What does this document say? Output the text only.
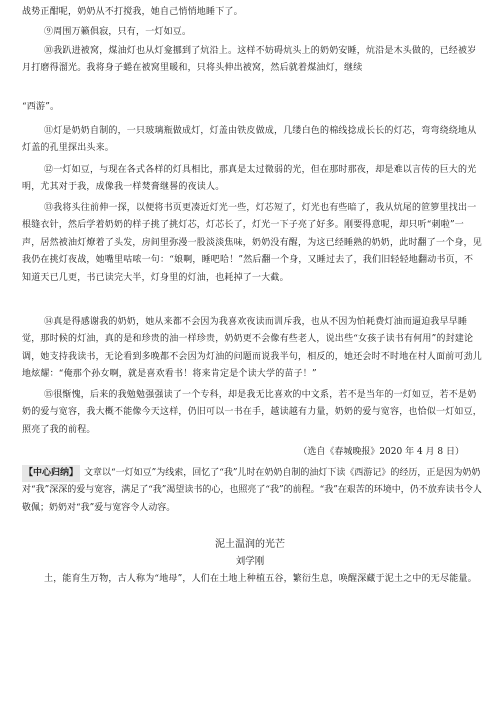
战势正酣呢，奶奶从不打搅我，她自己悄悄地睡下了。

⑨周围万籁俱寂，只有，一灯如豆。

⑩我趴进被窝，煤油灯也从灯龛挪到了炕沿上。这样不妨碍炕头上的奶奶安睡，炕沿是木头做的，已经被岁月打磨得溜光。我将身子蜷在被窝里暖和，只将头伸出被窝，然后就着煤油灯，继续

“西游”。

⑪灯是奶奶自制的，一只玻璃瓶做成灯，灯盖由铁皮做成，几缕白色的棉线捻成长长的灯芯，弯弯绕绕地从灯盖的孔里探出头来。

⑫一灯如豆，与现在各式各样的灯具相比，那真是太过微弱的光，但在那时那夜，却是难以言传的巨大的光明，尤其对于我，成像我一样焚膏继晷的夜读人。

⑬我将头往前伸一探，以便将书页更凑近灯光一些，灯芯短了，灯光也有些暗了，我从炕尾的笸箩里找出一根缝衣针，然后学着奶奶的样子挑了挑灯芯，灯芯长了，灯光一下子亮了好多。刚要得意呢，却只听“刺啦”一声，居然被油灯燎着了头发，房间里弥漫一股淡淡焦味，奶奶没有醒，为这已经睡熟的奶奶，此时翻了一个身，见我仍在挑灯夜战，她嘴里咕哝一句：“娘啊，睡吧哈！”然后翻一个身，又睡过去了，我们旧轻轻地翻动书页，不知道天已几更，书已读完大半，灯身里的灯油，也耗掉了一大截。

⑭真是得感谢我的奶奶，她从来都不会因为我喜欢夜读而训斥我，也从不因为怕耗费灯油而逼迫我早早睡觉，那时候的灯油，真的是和珍贵的油一样珍贵，奶奶更不会像有些老人，说出些“女孩子读书有何用”的封建论调，她支持我读书，无论看到多晚都不会因为灯油的问题而说我半句，相反的，她还会时不时地在村人面前可劲儿地炫耀：“俺那个孙女啊，就是喜欢看书！将来肯定是个读大学的苗子！”

⑮很惭愧，后来的我勉勉强强读了一个专科，却是我无比喜欢的中文系，若不是当年的一灯如豆，若不是奶奶的爱与宽容，我大概不能像今天这样，仍旧可以一书在手，越读越有力量，奶奶的爱与宽容，也恰似一灯如豆，照亮了我的前程。

（选自《春城晚报》2020 年 4 月 8 日）

【中心归纳】 文章以“一灯如豆”为线索，回忆了“我”儿时在奶奶自制的油灯下读《西游记》的经历，正是因为奶奶对“我”深深的爱与宽容，满足了“我”渴望读书的心，也照亮了“我”的前程。“我”在艰苦的环境中，仍不放弃读书令人敬佩；奶奶对“我”爱与宽容令人动容。

泥土温润的光芒
刘学刚

土，能育生万物，古人称为“地母”，人们在土地上种植五谷，繁衍生息，唤醒深藏于泥土之中的无尽能量。
